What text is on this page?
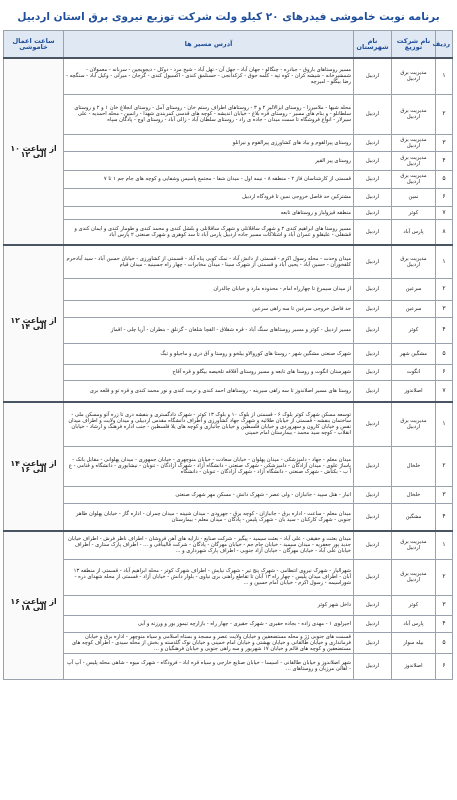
برنامه نوبت خاموشی فیدرهای ۲۰ کیلو ولت شرکت توزیع نیروی برق استان اردبیل
ردیف	نام شرکت توزیع	نام شهرستان	آدرس مسیر ها	ساعت اعمال خاموشی
۱	مدیریت برق اردبیل	اردبیل	مسیر روستاهای باروق - جبادره - چنگالو - جهان آباد - جهل آن - تهل آباد - شیخ مرد - دوکل - دیجویجین - سربانه - معمولان - شمشیرخانه - شیشه کران - کوه تپه - کلمه جوق - کزکدانجی - حسنلمق کندی - اکسیول کندی - گرجان - میرلی - وکیل آباد - سنگچه - رضا بیگلو - امیرچه	از ساعت ۱۰ الی ۱۲

۲	مدیریت برق اردبیل	اردبیل	محله شیها - ملامیرزا - روستای ایزالالیر ۲ و ۳ - روستاهای اطراف رستم خان - روستای آمل - روستای انجلاغ خان ۱ و ۲ و روستای سلطانلو - و بنام های مسیر - روستای قره بلاغ - خیابان اندیشه - کوچه های قدسی کمربندی شهدا - رانمین - محله احمدیه - علی سیرلار - انواع فروشگاه تا سمت میدان - جاده ی راد - روستای سلطان آباد - زالی آباد - روستای اوچ - پادگان سپاه	
۳	مدیریت برق اردبیل	اردبیل	روستای پیرالقوم و بیاد های کشاورزی پیرالقوم و نیرانلو	
۴	مدیریت برق اردبیل	اردبیل	روستای پیر القیر	
۵	مدیریت برق اردبیل	اردبیل	قسمتی از کارشناسان فاز ۲ - منطقه ۸ - نیمه اول - میدان شفا - مجتمع پاسیس وشفایی و کوچه های جام جم ۱ تا ۷	
۶	نمین	اردبیل	مشترکین حد فاصل خروجی نمین تا فرودگاه اردبیل	
۷	کوثر	اردبیل	منطقه قیزولبار و روستاهای تابعه	
۸	پارس آباد	اردبیل	مسیر روستا های ابراهیم کندی ۲ و شهرک ساقلانلی و شهرک ساقلانلی و بلشل کندی و محمد کندی و طومار کندی و ایمان کندی و قشقلی - علیقلو و عمران آباد و اشتلاکات مسیر جاده اردبیل پارس آباد تا سد کوهری و شهرک صنعتی ۲ پارس آباد	
۱	مدیریت برق اردبیل	اردبیل	میدان وحدت - محله رسول اکرم - قسمتی از دانش آباد - نمک کوبی پناه آباد - قسمتی از کشاورزی - خیابان حسین آباد - سید آبادحرم کلفخوران - حسین آباد - یحیی آباد و قسمتی از شهرک سینا - میدان مخابرات - چهار راه جسینیه - میدان قیام	از ساعت ۱۲ الی ۱۴

۲	سرعین	اردبیل	از میدان سیمرغ تا چهارراه امام - محدوده مارد و خیابان چالدران	
۳	سرعین	اردبیل	حد فاصل خروجی سرعین تا سه راهی سرعین	
۴	کوثر	اردبیل	مسیر اردبیل - کوثر و مسیر روستاهای سنگ آباد - قره شقلاق - القچا شلغان - گزنلق - بنطران - آریا چلی - اقماز	
۵	مشگین شهر	اردبیل	شهرک صنعتی مشگین شهر - روستا های کوروالاو بیلخو و روستا و آق دری و ماجیلو و تبگ	
۶	انگوت	اردبیل	شهرستان انگوت و روستا های تابعه و مسیر روستای آقلاقه تلخیصه بیگلو و قره آقاج	
۷	اصلاندوز	اردبیل	روستا های مسیر اصلاندوز تا سه راهی سیرینه - روستاهای احمد کندی و تربت کندی و نور محمد کندی و قره تو و قلعه بری	
۱	مدیریت برق اردبیل	اردبیل	توسعه مسکن شهرک کوثر بلوک ۶ - قسمتی از بلوک ۱۰ و بلوک ۱۳ کوثر - شهرک دادگستری و بنفشه دری تا زره آتو ومسکن ملی - ساختمان بنفشه - قسمتی از خیابان طلائیه و شهرک جهاد کشاورزی و اطراف دانشگاه مقدس اردبیلی و میدان ولایت و اطراف میدان نفس و خیابان کارون و سهروردی و خیابان فلسطین و خیابان جانبازی و کوچه های یلا فلسطین - جنب اداره فرهنگ و ارشاد - خیابان انقلاب - کوچه سید محمد - بیمارستان امام خمینی	از ساعت ۱۴ الی ۱۶

۲	خلخال	اردبیل	میدان معلم - جهاد - دامپزشکی - میدان پهلوان - خیابان سعادت - خیابان منوچهری - خیابان جمهوری - میدان پهلوانی - مقابل بانک - پاساژ علوی - میدان آزادگان - دامپزشکی - شهرک صنعتی - دانشگاه آزاد - شهرک آزادگان - تنوبان - نیشابوری - دانشگاه و قنامی - ع آ ب - بکتاش - شهرک صنعتی - دانشگاه آزاد - شهرک آزادگان - تنوبان - دانشگاه	
۳	خلخال	اردبیل	انبار - هتل سپید - جانبازان - ولی عصر - شهرک دانش - مسکن مهر شهرک صنعتی	
۴	مشگین	اردبیل	میدان معلم - ساعت - اداره برق - جانبازان - کوچه برق - جهرودی - میدان شیینه - میدان چمران - اداره گاز - خیابان پهلوان طاهر جنوبی - شهرک کارکنان - سید بان - شهرک پلیس - پادگان - میدان معلم - بیمارستان	
۱	مدیریت برق اردبیل	اردبیل	میدان بعثت و حقیقی - علی آباد - بعثت سیمید - پیگیر - شرکت صنایع - نارایه های آهن فروشان - اطراف ناظر فرش - اطراف خیابان جدید پور جعفریه - میدان سیمید - خیابان جام جم - خیابان مهرگان - پادگان - شرکت قالیبافی و ... - اطراف پارک ستاری - اطراف خیابان علی آباد - خیابان مهرگان - خیابان آزاد جنوبی - اطراف پارک شهرداری و ...	از ساعت ۱۶ الی ۱۸

۲	مدیریت برق اردبیل	اردبیل	شهرالیار - شهرک نیروی انتظامی - شهرک پنج تیر - شهرک نیایش - اطراف شهرک کوثر - محله ابراهیم آباد - قسمتی از منطقه ۱۳ آبان - اطراف میدان پلیس - چهار راه ۱۳ آبان تا تقاطع راهنی بری نیاوی - بلوار دانش - خیابان آزاد - قسمتی از محله شهدای دره - شوراسیمه - رسول اکرم - خیابان امام حسین و ...	
۳	کوثر	اردبیل	داخل شهر کوثر	
۴	پارس آباد	اردبیل	اجیرلوی ۱ - مهدی زاده - بجاده حقیری - شهرک حقیری - چهار راه - بازارچه تیمور بور و ورزنه و آبی	
۵	بیله سوار	اردبیل	قسمت های جنوبی ژژ و محله مستضعفین و خیابان ولایت عصر و مسجد و بستاه اسلامی و سیاه منوچهر - اداره برق و خیابان فرمانداری و خیابان طالقانی و خیابان بهشتی و خیابان امام خمینی و خیابان نوک گلدسته و بخش از محله سیدی - اطراف کوچه های مستضعفین و کوچه های قائم و خیابان ۱۷ شهریور و سه راهی جنوبی و خیابان فرهنگیان و ...	
۶	اصلاندوز	اردبیل	شهر اصلاندوز و خیابان طالقانی - اسیسا - خیابان صنایع خارجی و سیاه قره اباد - فرودگاه - شهرک میوه - شاهی محله پلیس - آپ آپ - اهالی مرزبان و روستاهای ...	
